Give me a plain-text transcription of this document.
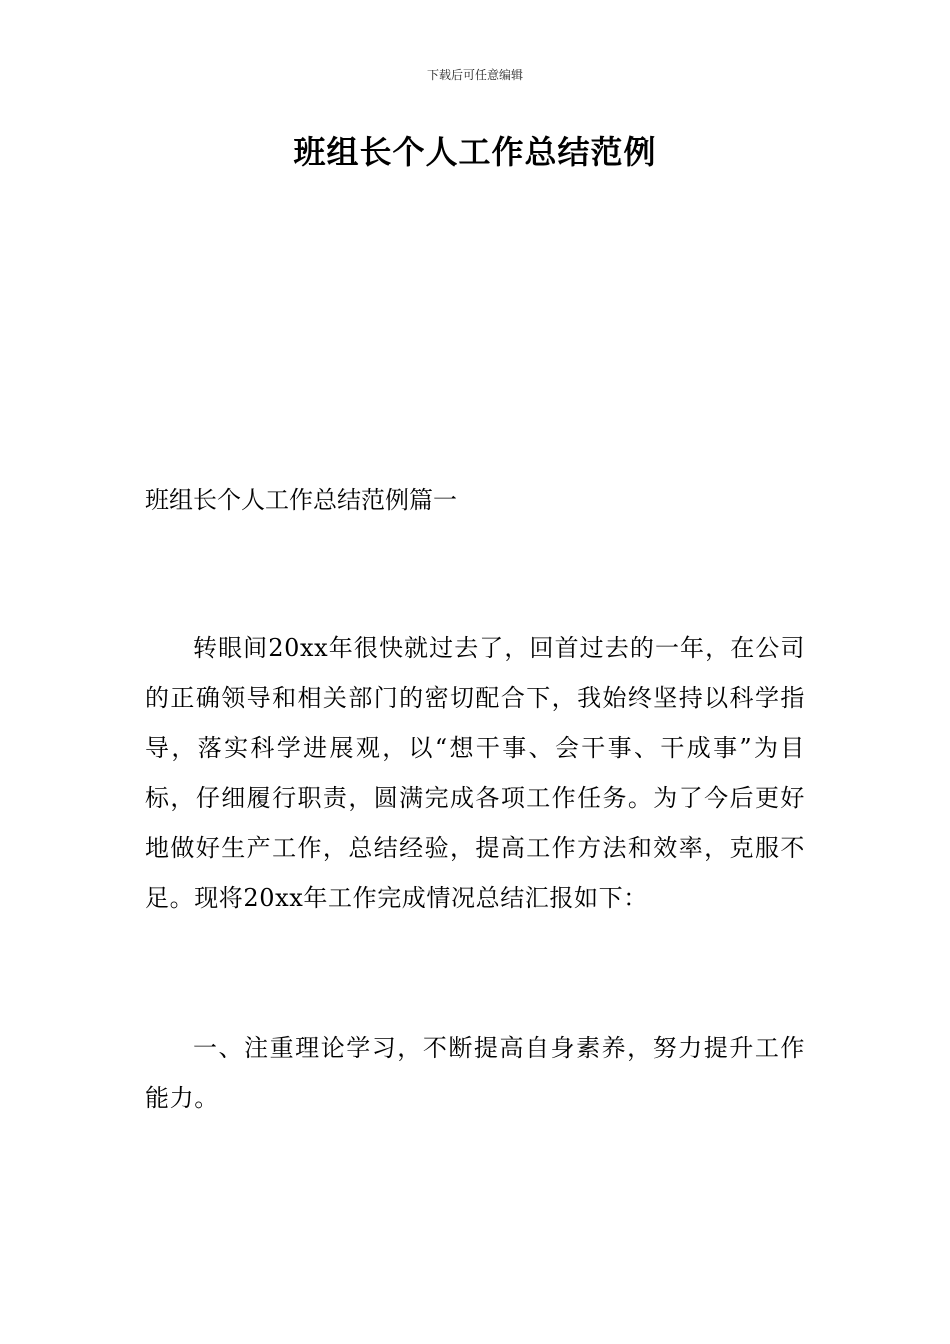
下载后可任意编辑
班组长个人工作总结范例
班组长个人工作总结范例篇一

转眼间20xx年很快就过去了，回首过去的一年，在公司的正确领导和相关部门的密切配合下，我始终坚持以科学指导，落实科学进展观，以“想干事、会干事、干成事”为目标，仔细履行职责，圆满完成各项工作任务。为了今后更好地做好生产工作，总结经验，提高工作方法和效率，克服不足。现将20xx年工作完成情况总结汇报如下：

一、注重理论学习，不断提高自身素养，努力提升工作能力。
